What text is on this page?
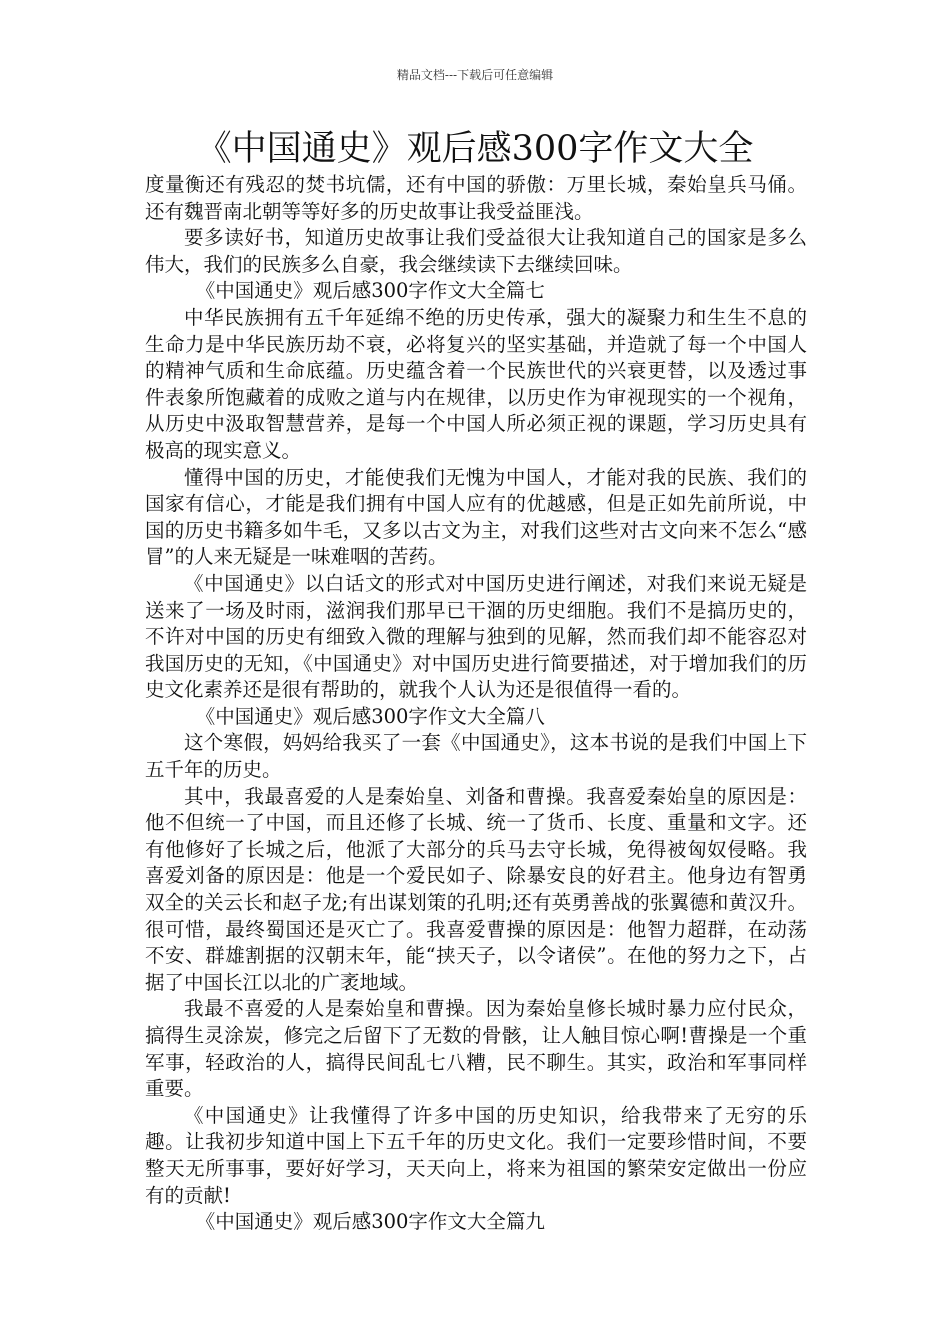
精品文档---下载后可任意编辑
《中国通史》观后感300字作文大全

度量衡还有残忍的焚书坑儒，还有中国的骄傲：万里长城，秦始皇兵马俑。还有魏晋南北朝等等好多的历史故事让我受益匪浅。

要多读好书，知道历史故事让我们受益很大让我知道自己的国家是多么伟大，我们的民族多么自豪，我会继续读下去继续回味。

《中国通史》观后感300字作文大全篇七

中华民族拥有五千年延绵不绝的历史传承，强大的凝聚力和生生不息的生命力是中华民族历劫不衰，必将复兴的坚实基础，并造就了每一个中国人的精神气质和生命底蕴。历史蕴含着一个民族世代的兴衰更替，以及透过事件表象所饱藏着的成败之道与内在规律，以历史作为审视现实的一个视角，从历史中汲取智慧营养，是每一个中国人所必须正视的课题，学习历史具有极高的现实意义。

懂得中国的历史，才能使我们无愧为中国人，才能对我的民族、我们的国家有信心，才能是我们拥有中国人应有的优越感，但是正如先前所说，中国的历史书籍多如牛毛，又多以古文为主，对我们这些对古文向来不怎么“感冒”的人来无疑是一味难咽的苦药。

《中国通史》以白话文的形式对中国历史进行阐述，对我们来说无疑是送来了一场及时雨，滋润我们那早已干涸的历史细胞。我们不是搞历史的，不许对中国的历史有细致入微的理解与独到的见解，然而我们却不能容忍对我国历史的无知，《中国通史》对中国历史进行简要描述，对于增加我们的历史文化素养还是很有帮助的，就我个人认为还是很值得一看的。

《中国通史》观后感300字作文大全篇八

这个寒假，妈妈给我买了一套《中国通史》，这本书说的是我们中国上下五千年的历史。

其中，我最喜爱的人是秦始皇、刘备和曹操。我喜爱秦始皇的原因是：他不但统一了中国，而且还修了长城、统一了货币、长度、重量和文字。还有他修好了长城之后，他派了大部分的兵马去守长城，免得被匈奴侵略。我喜爱刘备的原因是：他是一个爱民如子、除暴安良的好君主。他身边有智勇双全的关云长和赵子龙;有出谋划策的孔明;还有英勇善战的张翼德和黄汉升。很可惜，最终蜀国还是灭亡了。我喜爱曹操的原因是：他智力超群，在动荡不安、群雄割据的汉朝末年，能“挟天子，以令诸侯”。在他的努力之下，占据了中国长江以北的广袤地域。

我最不喜爱的人是秦始皇和曹操。因为秦始皇修长城时暴力应付民众，搞得生灵涂炭，修完之后留下了无数的骨骸，让人触目惊心啊!曹操是一个重军事，轻政治的人，搞得民间乱七八糟，民不聊生。其实，政治和军事同样重要。

《中国通史》让我懂得了许多中国的历史知识，给我带来了无穷的乐趣。让我初步知道中国上下五千年的历史文化。我们一定要珍惜时间，不要整天无所事事，要好好学习，天天向上，将来为祖国的繁荣安定做出一份应有的贡献!

《中国通史》观后感300字作文大全篇九
